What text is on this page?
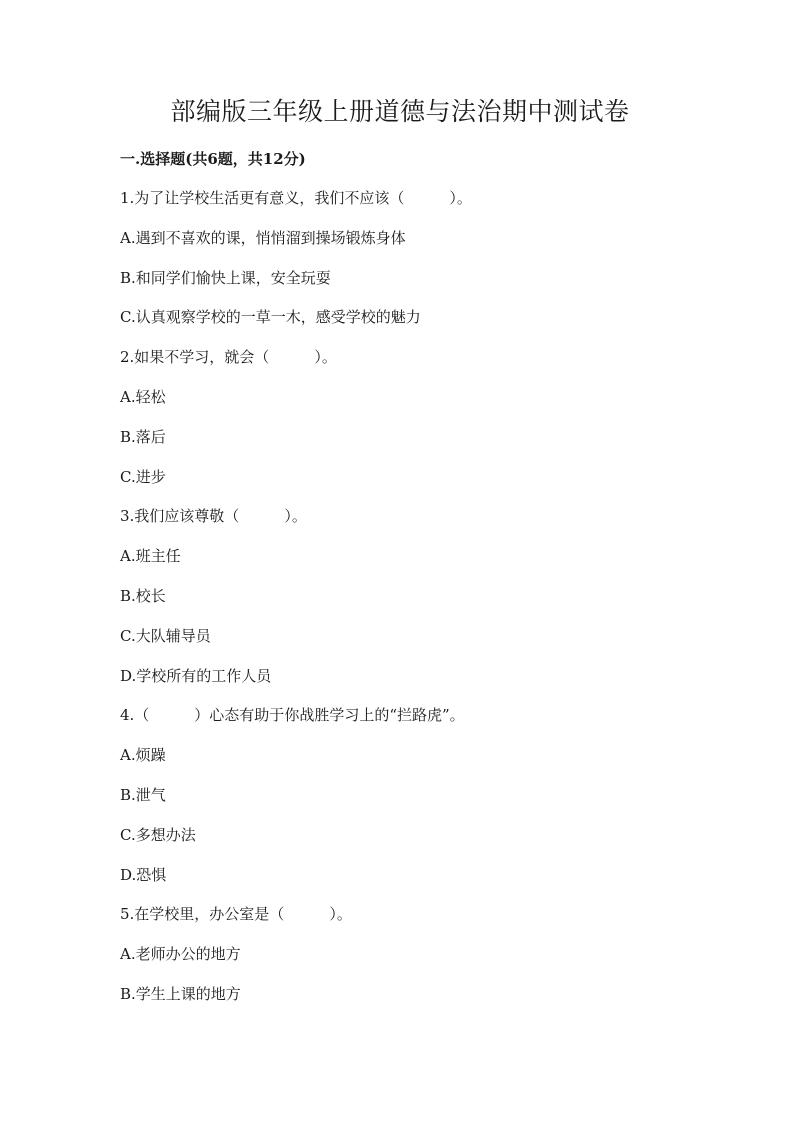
部编版三年级上册道德与法治期中测试卷
一.选择题(共6题，共12分)
1.为了让学校生活更有意义，我们不应该（　　　）。
A.遇到不喜欢的课，悄悄溜到操场锻炼身体
B.和同学们愉快上课，安全玩耍
C.认真观察学校的一草一木，感受学校的魅力
2.如果不学习，就会（　　　）。
A.轻松
B.落后
C.进步
3.我们应该尊敬（　　　）。
A.班主任
B.校长
C.大队辅导员
D.学校所有的工作人员
4.（　　　）心态有助于你战胜学习上的“拦路虎”。
A.烦躁
B.泄气
C.多想办法
D.恐惧
5.在学校里，办公室是（　　　）。
A.老师办公的地方
B.学生上课的地方
